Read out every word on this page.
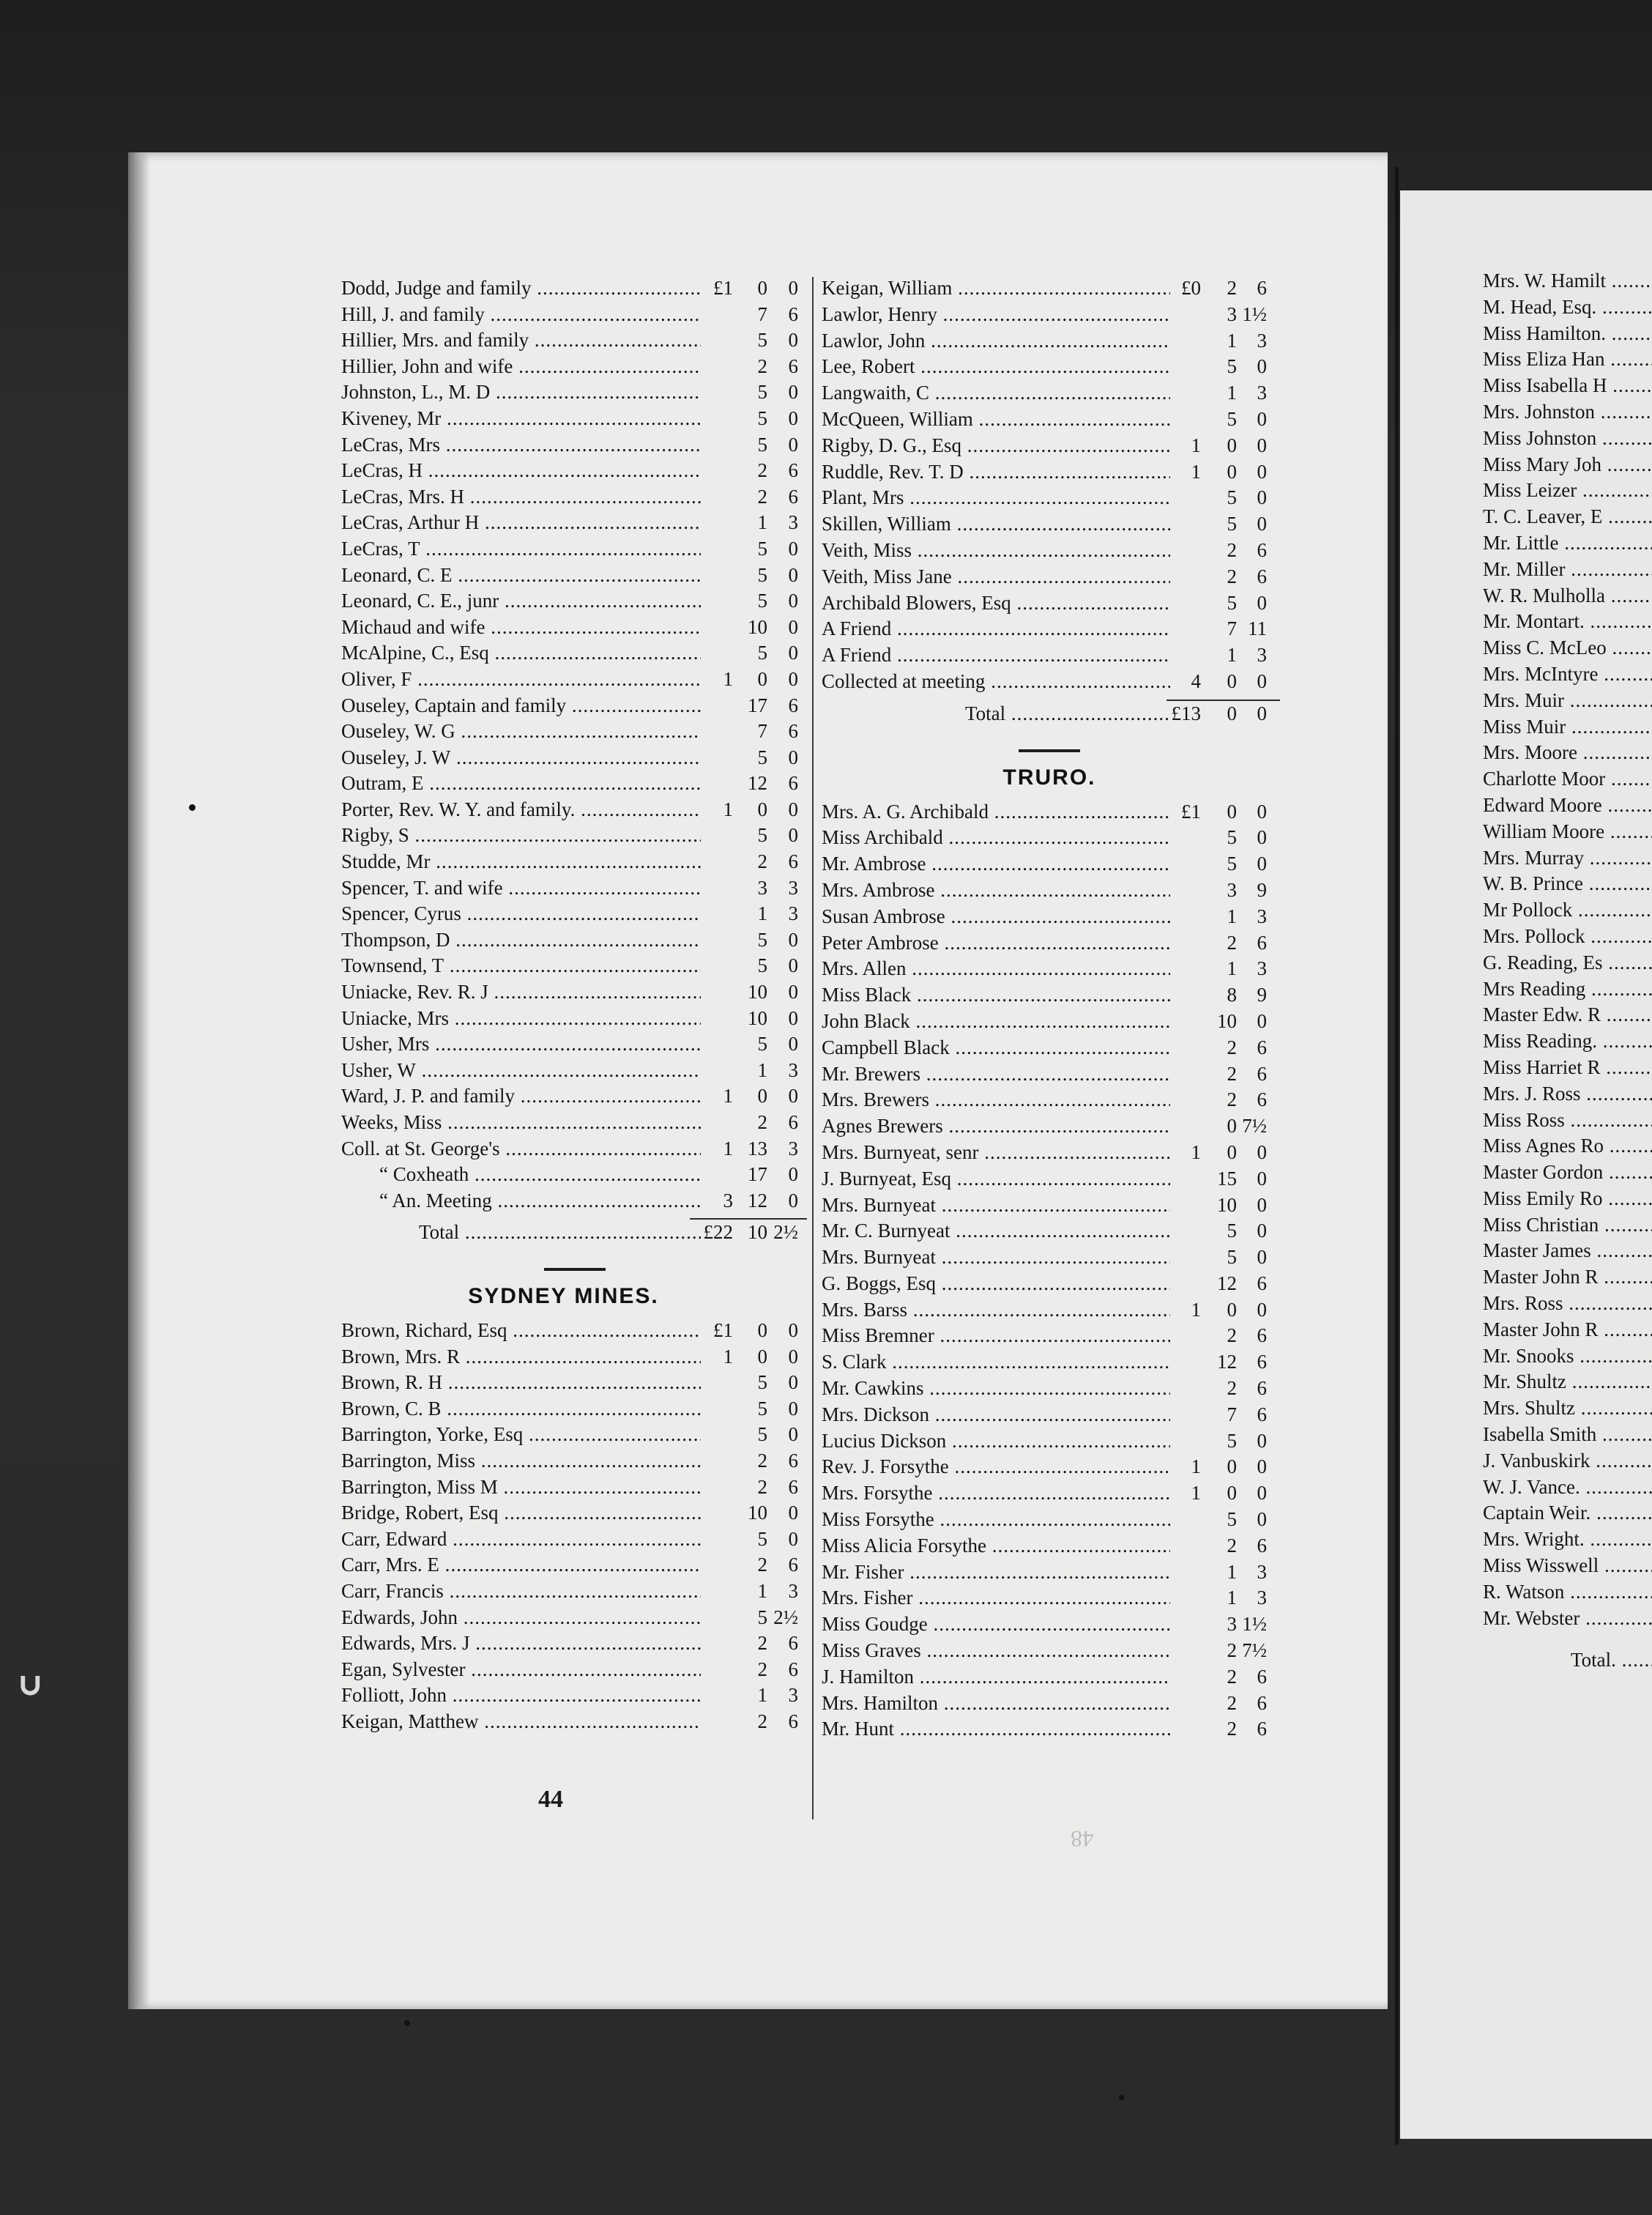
ᐡ
Dodd, Judge and family .....	£1	0	0
Hill, J. and family .....	7	6
Hillier, Mrs. and family .....	5	0
Hillier, John and wife .....	2	6
Johnston, L., M. D .....	5	0
Kiveney, Mr .....	5	0
LeCras, Mrs .....	5	0
LeCras, H .....	2	6
LeCras, Mrs. H .....	2	6
LeCras, Arthur H .....	1	3
LeCras, T .....	5	0
Leonard, C. E .....	5	0
Leonard, C. E., junr .....	5	0
Michaud and wife .....	10	0
McAlpine, C., Esq .....	5	0
Oliver, F .....	1	0	0
Ouseley, Captain and family .....	17	6
Ouseley, W. G .....	7	6
Ouseley, J. W .....	5	0
Outram, E .....	12	6
Porter, Rev. W. Y. and family. .....	1	0	0
Rigby, S .....	5	0
Studde, Mr .....	2	6
Spencer, T. and wife .....	3	3
Spencer, Cyrus .....	1	3
Thompson, D .....	5	0
Townsend, T .....	5	0
Uniacke, Rev. R. J .....	10	0
Uniacke, Mrs .....	10	0
Usher, Mrs .....	5	0
Usher, W .....	1	3
Ward, J. P. and family .....	1	0	0
Weeks, Miss .....	2	6
Coll. at St. George's .....	1 13	3
“ Coxheath .....	17	0
“ An. Meeting .....	3 12	0
Total .....	£22 10 2½
SYDNEY MINES.
Brown, Richard, Esq .....	£1	0	0
Brown, Mrs. R .....	1	0	0
Brown, R. H .....	5	0
Brown, C. B .....	5	0
Barrington, Yorke, Esq .....	5	0
Barrington, Miss .....	2	6
Barrington, Miss M .....	2	6
Bridge, Robert, Esq .....	10	0
Carr, Edward .....	5	0
Carr, Mrs. E .....	2	6
Carr, Francis .....	1	3
Edwards, John .....	5 2½
Edwards, Mrs. J .....	2	6
Egan, Sylvester .....	2	6
Folliott, John .....	1	3
Keigan, Matthew .....	2	6
Keigan, William .....	£0	2	6
Lawlor, Henry .....	3 1½
Lawlor, John .....	1	3
Lee, Robert .....	5	0
Langwaith, C .....	1	3
McQueen, William .....	5	0
Rigby, D. G., Esq .....	1	0	0
Ruddle, Rev. T. D .....	1	0	0
Plant, Mrs .....	5	0
Skillen, William .....	5	0
Veith, Miss .....	2	6
Veith, Miss Jane .....	2	6
Archibald Blowers, Esq .....	5	0
A Friend .....	7 11
A Friend .....	1	3
Collected at meeting .....	4	0	0
Total .....	£13	0	0
TRURO.
Mrs. A. G. Archibald .....	£1	0	0
Miss Archibald .....	5	0
Mr. Ambrose .....	5	0
Mrs. Ambrose .....	3	9
Susan Ambrose .....	1	3
Peter Ambrose .....	2	6
Mrs. Allen .....	1	3
Miss Black .....	8	9
John Black .....	10	0
Campbell Black .....	2	6
Mr. Brewers .....	2	6
Mrs. Brewers .....	2	6
Agnes Brewers .....	0 7½
Mrs. Burnyeat, senr .....	1	0	0
J. Burnyeat, Esq .....	15	0
Mrs. Burnyeat .....	10	0
Mr. C. Burnyeat .....	5	0
Mrs. Burnyeat .....	5	0
G. Boggs, Esq .....	12	6
Mrs. Barss .....	1	0	0
Miss Bremner .....	2	6
S. Clark .....	12	6
Mr. Cawkins .....	2	6
Mrs. Dickson .....	7	6
Lucius Dickson .....	5	0
Rev. J. Forsythe .....	1	0	0
Mrs. Forsythe .....	1	0	0
Miss Forsythe .....	5	0
Miss Alicia Forsythe .....	2	6
Mr. Fisher .....	1	3
Mrs. Fisher .....	1	3
Miss Goudge .....	3 1½
Miss Graves .....	2 7½
J. Hamilton .....	2	6
Mrs. Hamilton .....	2	6
Mr. Hunt .....	2	6
Mrs. W. Hamilt .....
M. Head, Esq. .....
Miss Hamilton. .....
Miss Eliza Han .....
Miss Isabella H .....
Mrs. Johnston .....
Miss Johnston .....
Miss Mary Joh .....
Miss Leizer .....
T. C. Leaver, E .....
Mr. Little .....
Mr. Miller .....
W. R. Mulholla .....
Mr. Montart. .....
Miss C. McLeo .....
Mrs. McIntyre .....
Mrs. Muir .....
Miss Muir .....
Mrs. Moore .....
Charlotte Moor .....
Edward Moore .....
William Moore .....
Mrs. Murray .....
W. B. Prince .....
Mr Pollock .....
Mrs. Pollock .....
G. Reading, Es .....
Mrs Reading .....
Master Edw. R .....
Miss Reading. .....
Miss Harriet R .....
Mrs. J. Ross .....
Miss Ross .....
Miss Agnes Ro .....
Master Gordon .....
Miss Emily Ro .....
Miss Christian .....
Master James .....
Master John R .....
Mrs. Ross .....
Master John R .....
Mr. Snooks .....
Mr. Shultz .....
Mrs. Shultz .....
Isabella Smith .....
J. Vanbuskirk .....
W. J. Vance. .....
Captain Weir. .....
Mrs. Wright. .....
Miss Wisswell .....
R. Watson .....
Mr. Webster .....
Total. .....
44
48
